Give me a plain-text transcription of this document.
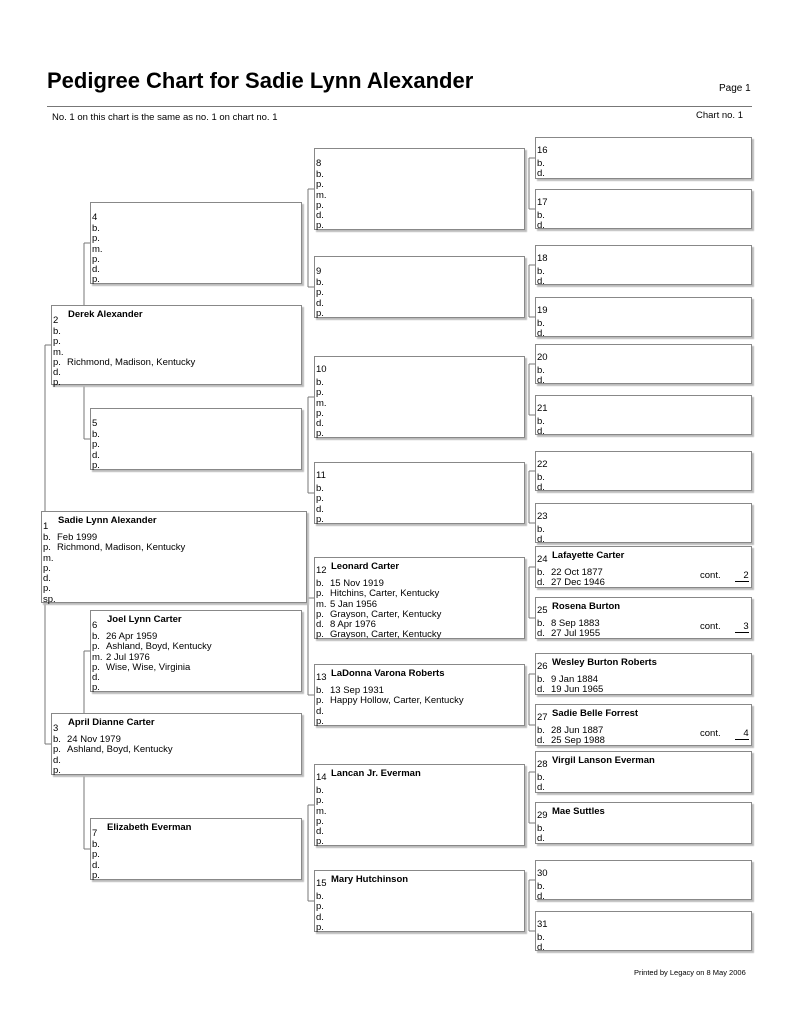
Pedigree Chart for Sadie Lynn Alexander	Page 1
No. 1 on this chart is the same as no. 1 on chart no. 1	Chart no. 1
Printed by Legacy on 8 May 2006
1
Sadie Lynn Alexander
b. Feb 1999
p. Richmond, Madison, Kentucky
m.
p.
d.
p.
sp.
2
Derek Alexander
b.
p.
m.
p. Richmond, Madison, Kentucky
d.
p.
3
April Dianne Carter
b. 24 Nov 1979
p. Ashland, Boyd, Kentucky
d.
p.
4
b.
p.
m.
p.
d.
p.
5
b.
p.
d.
p.
6
Joel Lynn Carter
b. 26 Apr 1959
p. Ashland, Boyd, Kentucky
m. 2 Jul 1976
p. Wise, Wise, Virginia
d.
p.
7
Elizabeth Everman
b.
p.
d.
p.
8
b.
p.
m.
p.
d.
p.
9
b.
p.
d.
p.
10
b.
p.
m.
p.
d.
p.
11
b.
p.
d.
p.
12 Leonard Carter
b. 15 Nov 1919
p. Hitchins, Carter, Kentucky
m. 5 Jan 1956
p. Grayson, Carter, Kentucky
d. 8 Apr 1976
p. Grayson, Carter, Kentucky
13 LaDonna Varona Roberts
b. 13 Sep 1931
p. Happy Hollow, Carter, Kentucky
d.
p.
14 Lancan Jr. Everman
b.
p.
m.
p.
d.
p.
15 Mary Hutchinson
b.
p.
d.
p.
16
b.
d.
17
b.
d.
18
b.
d.
19
b.
d.
20
b.
d.
21
b.
d.
22
b.
d.
23
b.
d.
24 Lafayette Carter
b. 22 Oct 1877
d. 27 Dec 1946
cont. 2
25 Rosena Burton
b. 8 Sep 1883
d. 27 Jul 1955
cont. 3
26 Wesley Burton Roberts
b. 9 Jan 1884
d. 19 Jun 1965
27 Sadie Belle Forrest
b. 28 Jun 1887
d. 25 Sep 1988
cont. 4
28 Virgil Lanson Everman
b.
d.
29 Mae Suttles
b.
d.
30
b.
d.
31
b.
d.
